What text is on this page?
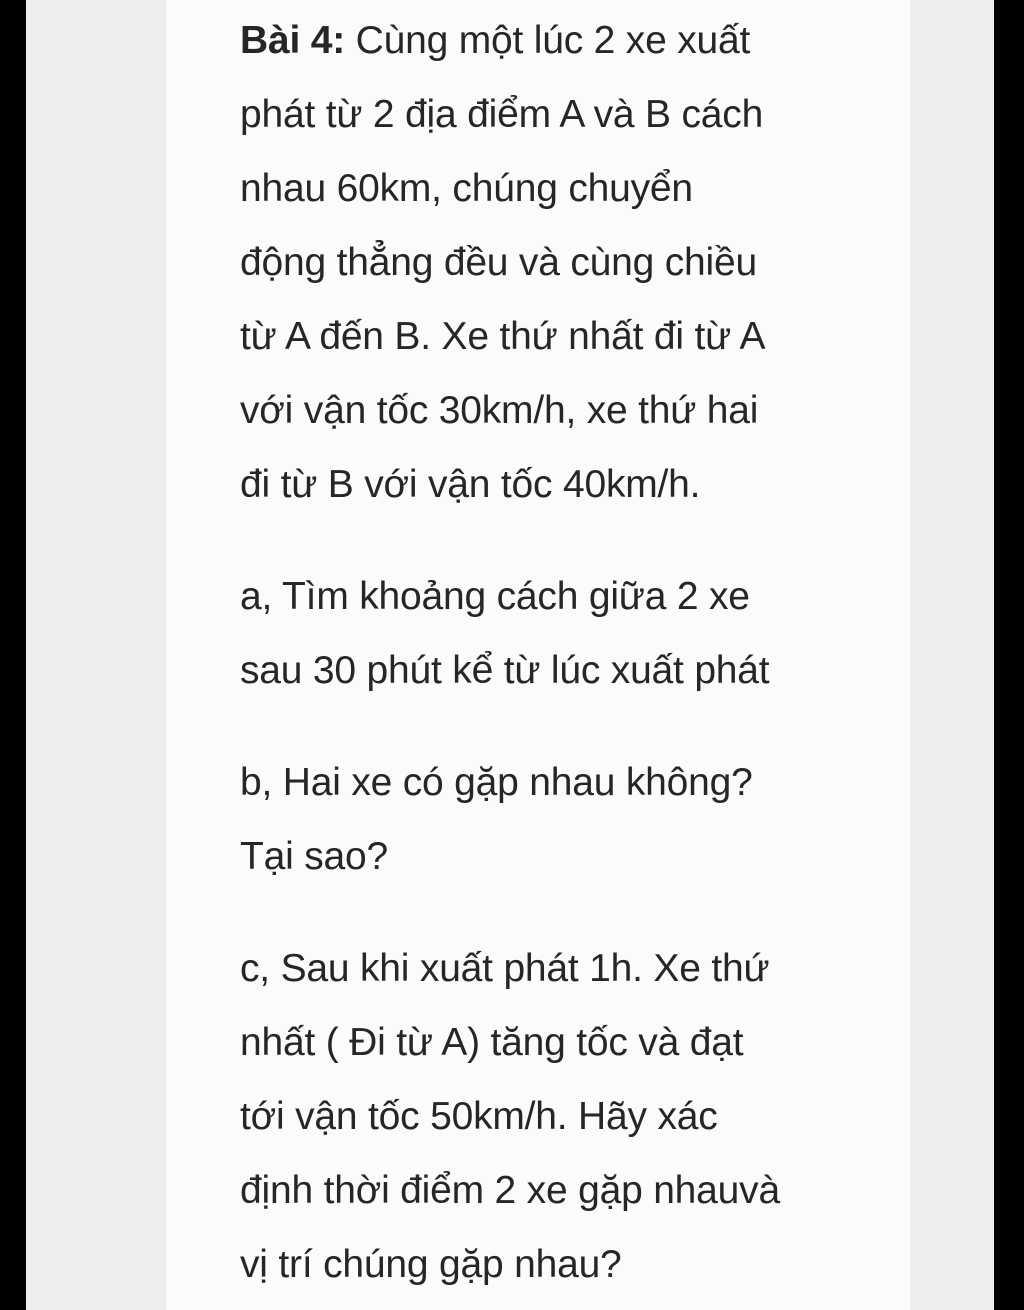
Bài 4: Cùng một lúc 2 xe xuất
phát từ 2 địa điểm A và B cách
nhau 60km, chúng chuyển
động thẳng đều và cùng chiều
từ A đến B. Xe thứ nhất đi từ A
với vận tốc 30km/h, xe thứ hai
đi từ B với vận tốc 40km/h.

a, Tìm khoảng cách giữa 2 xe
sau 30 phút kể từ lúc xuất phát

b, Hai xe có gặp nhau không?
Tại sao?

c, Sau khi xuất phát 1h. Xe thứ
nhất ( Đi từ A) tăng tốc và đạt
tới vận tốc 50km/h. Hãy xác
định thời điểm 2 xe gặp nhauvà
vị trí chúng gặp nhau?
